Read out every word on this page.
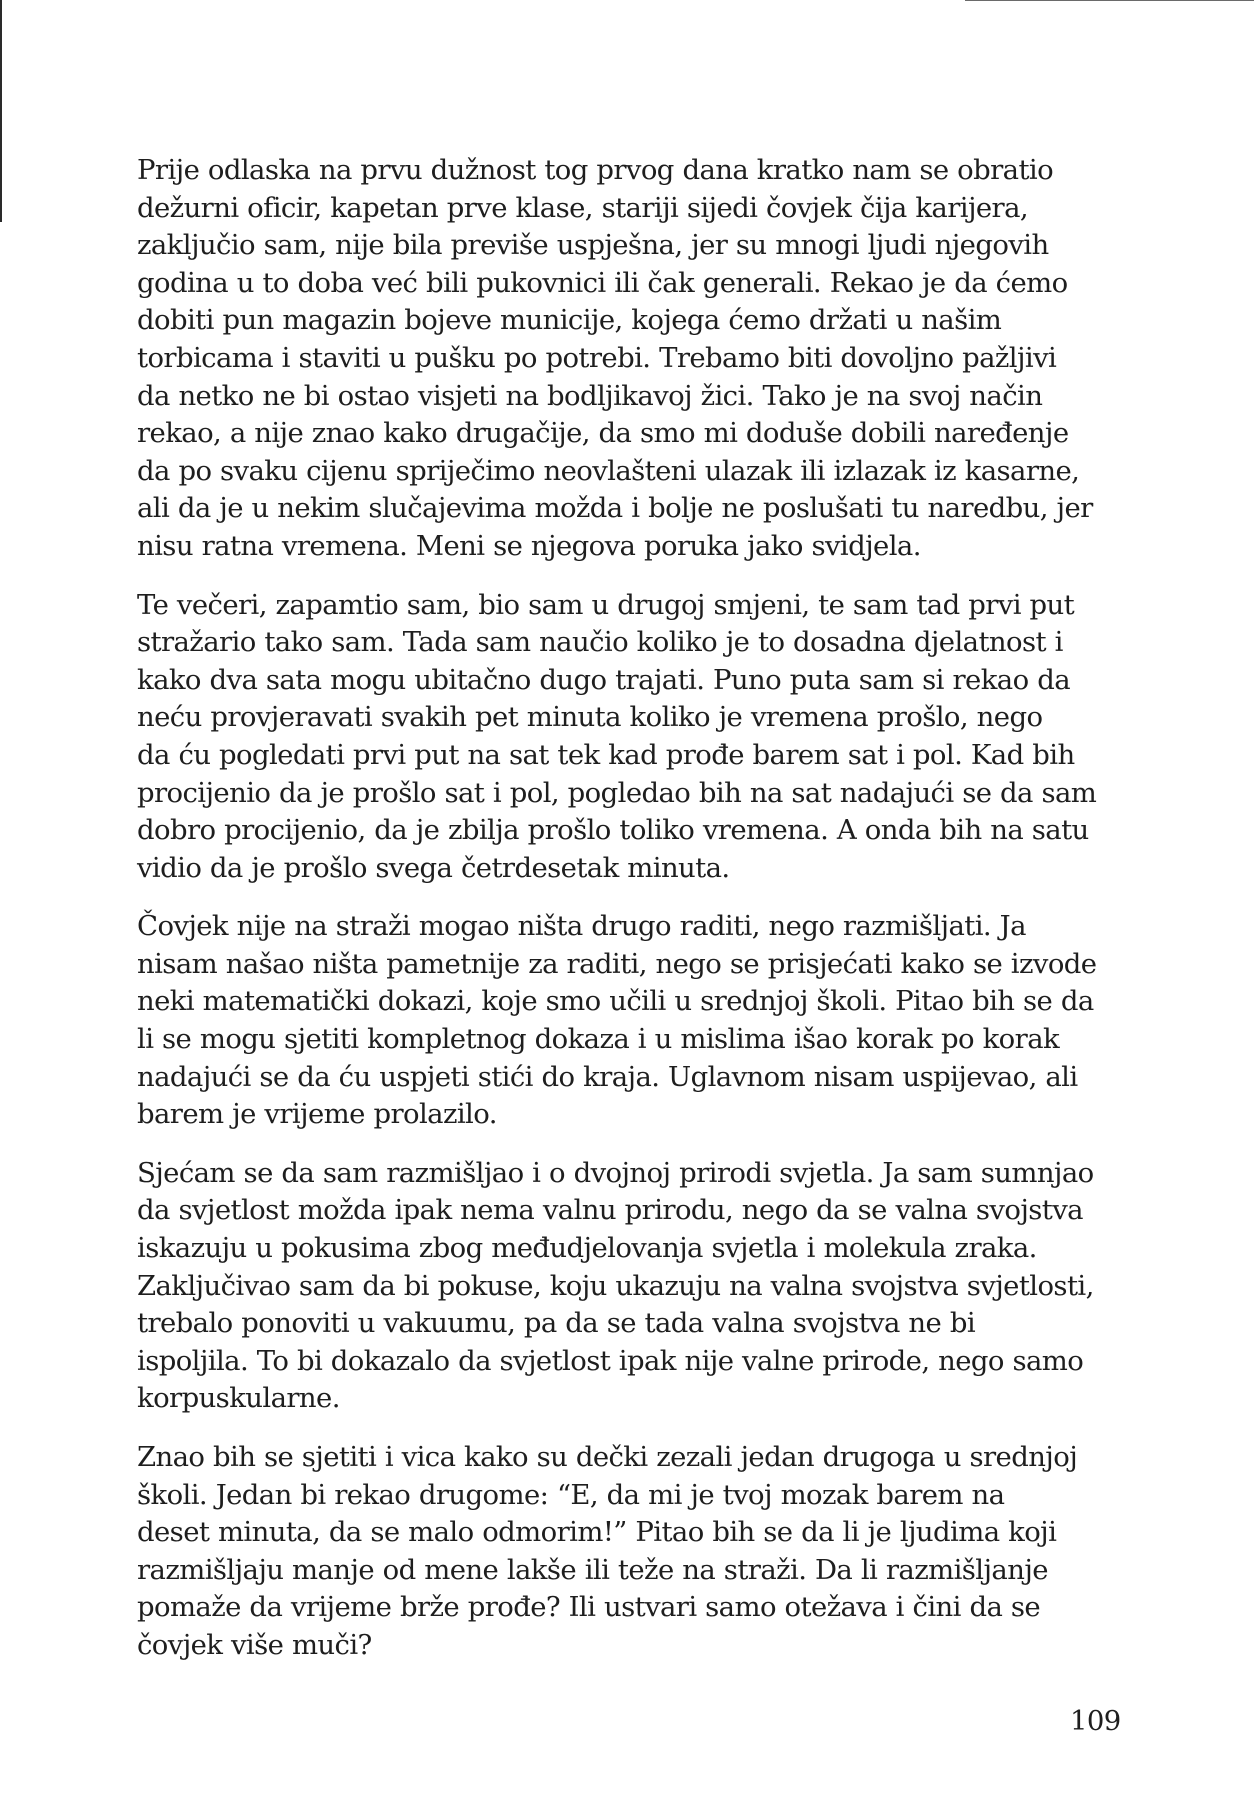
Prije odlaska na prvu dužnost tog prvog dana kratko nam se obratio
dežurni oficir, kapetan prve klase, stariji sijedi čovjek čija karijera,
zaključio sam, nije bila previše uspješna, jer su mnogi ljudi njegovih
godina u to doba već bili pukovnici ili čak generali. Rekao je da ćemo
dobiti pun magazin bojeve municije, kojega ćemo držati u našim
torbicama i staviti u pušku po potrebi. Trebamo biti dovoljno pažljivi
da netko ne bi ostao visjeti na bodljikavoj žici. Tako je na svoj način
rekao, a nije znao kako drugačije, da smo mi doduše dobili naređenje
da po svaku cijenu spriječimo neovlašteni ulazak ili izlazak iz kasarne,
ali da je u nekim slučajevima možda i bolje ne poslušati tu naredbu, jer
nisu ratna vremena. Meni se njegova poruka jako svidjela.

Te večeri, zapamtio sam, bio sam u drugoj smjeni, te sam tad prvi put
stražario tako sam. Tada sam naučio koliko je to dosadna djelatnost i
kako dva sata mogu ubitačno dugo trajati. Puno puta sam si rekao da
neću provjeravati svakih pet minuta koliko je vremena prošlo, nego
da ću pogledati prvi put na sat tek kad prođe barem sat i pol. Kad bih
procijenio da je prošlo sat i pol, pogledao bih na sat nadajući se da sam
dobro procijenio, da je zbilja prošlo toliko vremena. A onda bih na satu
vidio da je prošlo svega četrdesetak minuta.

Čovjek nije na straži mogao ništa drugo raditi, nego razmišljati. Ja
nisam našao ništa pametnije za raditi, nego se prisjećati kako se izvode
neki matematički dokazi, koje smo učili u srednjoj školi. Pitao bih se da
li se mogu sjetiti kompletnog dokaza i u mislima išao korak po korak
nadajući se da ću uspjeti stići do kraja. Uglavnom nisam uspijevao, ali
barem je vrijeme prolazilo.

Sjećam se da sam razmišljao i o dvojnoj prirodi svjetla. Ja sam sumnjao
da svjetlost možda ipak nema valnu prirodu, nego da se valna svojstva
iskazuju u pokusima zbog međudjelovanja svjetla i molekula zraka.
Zaključivao sam da bi pokuse, koju ukazuju na valna svojstva svjetlosti,
trebalo ponoviti u vakuumu, pa da se tada valna svojstva ne bi
ispoljila. To bi dokazalo da svjetlost ipak nije valne prirode, nego samo
korpuskularne.

Znao bih se sjetiti i vica kako su dečki zezali jedan drugoga u srednjoj
školi. Jedan bi rekao drugome: “E, da mi je tvoj mozak barem na
deset minuta, da se malo odmorim!” Pitao bih se da li je ljudima koji
razmišljaju manje od mene lakše ili teže na straži. Da li razmišljanje
pomaže da vrijeme brže prođe? Ili ustvari samo otežava i čini da se
čovjek više muči?

109
